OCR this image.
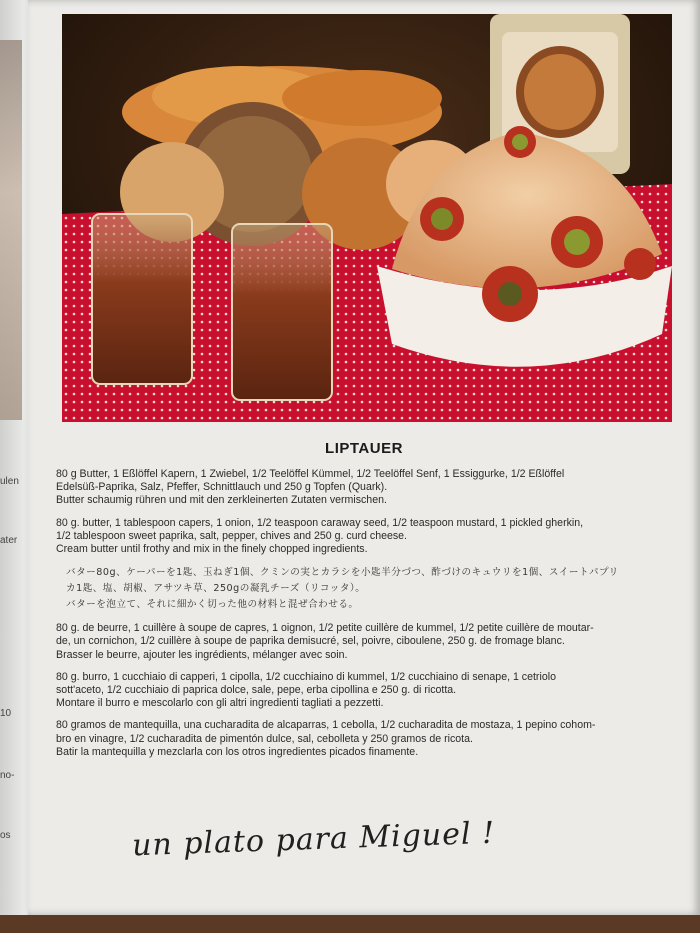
ulen
ater
10
no-
os
LIPTAUER
80 g Butter, 1 Eßlöffel Kapern, 1 Zwiebel, 1/2 Teelöffel Kümmel, 1/2 Teelöffel Senf, 1 Essiggurke, 1/2 Eßlöffel
Edelsüß-Paprika, Salz, Pfeffer, Schnittlauch und 250 g Topfen (Quark).
Butter schaumig rühren und mit den zerkleinerten Zutaten vermischen.
80 g. butter, 1 tablespoon capers, 1 onion, 1/2 teaspoon caraway seed, 1/2 teaspoon mustard, 1 pickled gherkin,
1/2 tablespoon sweet paprika, salt, pepper, chives and 250 g. curd cheese.
Cream butter until frothy and mix in the finely chopped ingredients.
バター80g、ケーパーを1匙、玉ねぎ1個、クミンの実とカラシを小匙半分づつ、酢づけのキュウリを1個、スイートパプリ
カ1匙、塩、胡椒、アサツキ草、250gの凝乳チーズ（リコッタ）。
バターを泡立て、それに細かく切った他の材料と混ぜ合わせる。
80 g. de beurre, 1 cuillère à soupe de capres, 1 oignon, 1/2 petite cuillère de kummel, 1/2 petite cuillère de moutar-
de, un cornichon, 1/2 cuillère à soupe de paprika demisucré, sel, poivre, ciboulene, 250 g. de fromage blanc.
Brasser le beurre, ajouter les ingrédients, mélanger avec soin.
80 g. burro, 1 cucchiaio di capperi, 1 cipolla, 1/2 cucchiaino di kummel, 1/2 cucchiaino di senape, 1 cetriolo
sott'aceto, 1/2 cucchiaio di paprica dolce, sale, pepe, erba cipollina e 250 g. di ricotta.
Montare il burro e mescolarlo con gli altri ingredienti tagliati a pezzetti.
80 gramos de mantequilla, una cucharadita de alcaparras, 1 cebolla, 1/2 cucharadita de mostaza, 1 pepino cohom-
bro en vinagre, 1/2 cucharadita de pimentón dulce, sal, cebolleta y 250 gramos de ricota.
Batir la mantequilla y mezclarla con los otros ingredientes picados finamente.
un plato para Miguel !
